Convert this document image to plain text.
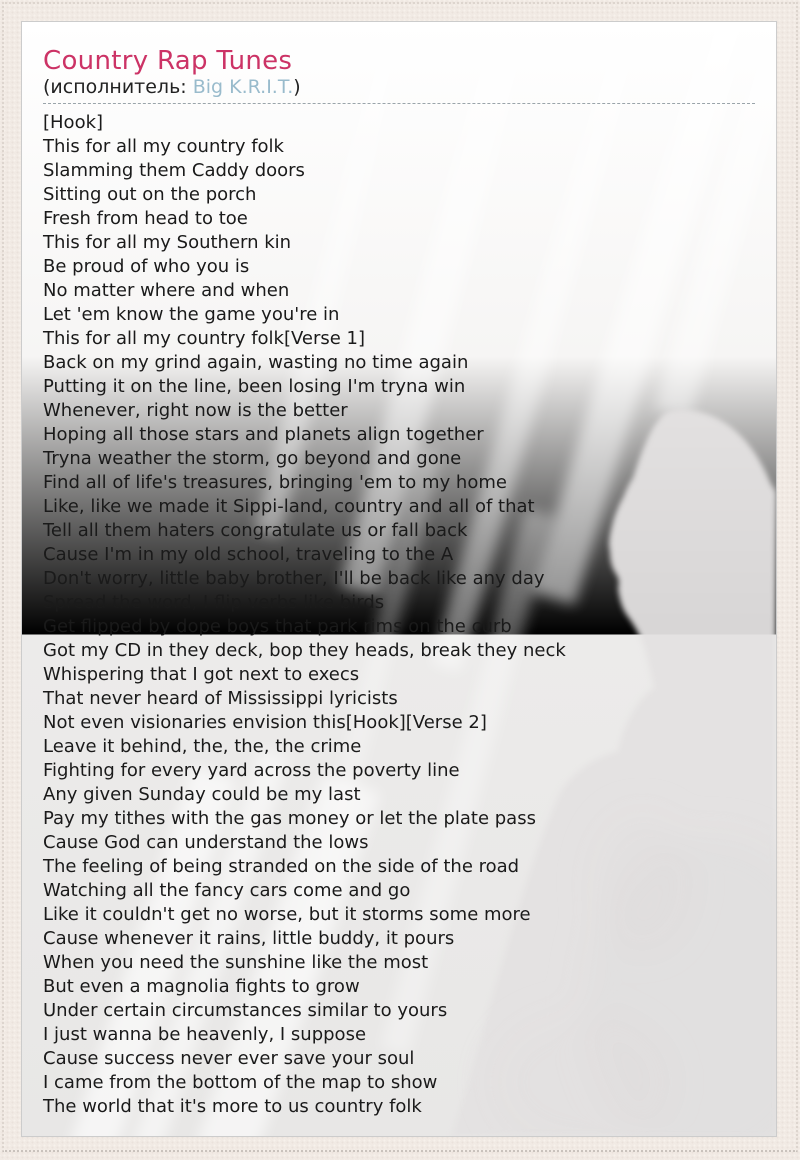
Country Rap Tunes
(исполнитель: Big K.R.I.T.)
[Hook]
This for all my country folk
Slamming them Caddy doors
Sitting out on the porch
Fresh from head to toe
This for all my Southern kin
Be proud of who you is
No matter where and when
Let 'em know the game you're in
This for all my country folk[Verse 1]
Back on my grind again, wasting no time again
Putting it on the line, been losing I'm tryna win
Whenever, right now is the better
Hoping all those stars and planets align together
Tryna weather the storm, go beyond and gone
Find all of life's treasures, bringing 'em to my home
Like, like we made it Sippi-land, country and all of that
Tell all them haters congratulate us or fall back
Cause I'm in my old school, traveling to the A
Don't worry, little baby brother, I'll be back like any day
Spread the word, I flip verbs like birds
Get flipped by dope boys that park rims on the curb
Got my CD in they deck, bop they heads, break they neck
Whispering that I got next to execs
That never heard of Mississippi lyricists
Not even visionaries envision this[Hook][Verse 2]
Leave it behind, the, the, the crime
Fighting for every yard across the poverty line
Any given Sunday could be my last
Pay my tithes with the gas money or let the plate pass
Cause God can understand the lows
The feeling of being stranded on the side of the road
Watching all the fancy cars come and go
Like it couldn't get no worse, but it storms some more
Cause whenever it rains, little buddy, it pours
When you need the sunshine like the most
But even a magnolia fights to grow
Under certain circumstances similar to yours
I just wanna be heavenly, I suppose
Cause success never ever save your soul
I came from the bottom of the map to show
The world that it's more to us country folk
